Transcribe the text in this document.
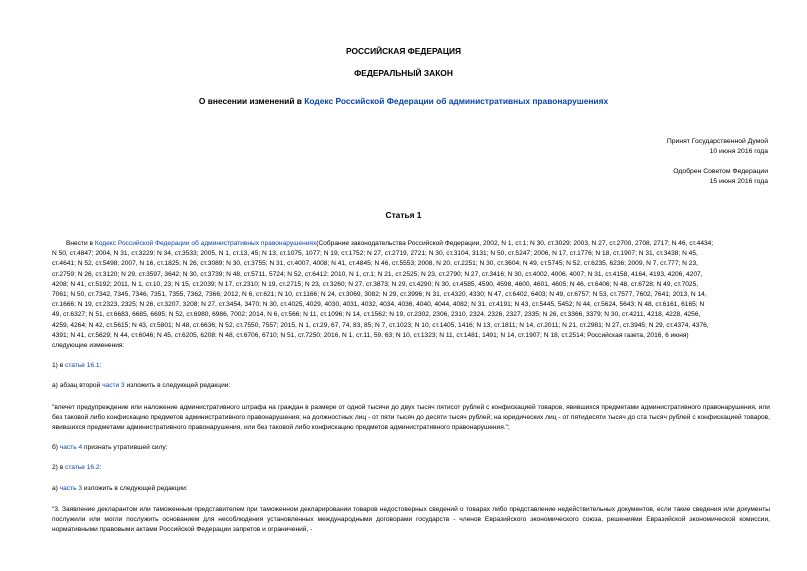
РОССИЙСКАЯ ФЕДЕРАЦИЯ
ФЕДЕРАЛЬНЫЙ ЗАКОН
О внесении изменений в Кодекс Российской Федерации об административных правонарушениях
Принят Государственной Думой
10 июня 2016 года
Одобрен Советом Федерации
15 июня 2016 года
Статья 1
Внести в Кодекс Российской Федерации об административных правонарушениях(Собрание законодательства Российской Федерации, 2002, N 1, ст.1; N 30, ст.3029; 2003, N 27, ст.2700, 2708, 2717; N 46, ст.4434;
N 50, ст.4847; 2004, N 31, ст.3229; N 34, ст.3533; 2005, N 1, ст.13, 45; N 13, ст.1075, 1077; N 19, ст.1752; N 27, ст.2719, 2721; N 30, ст.3104, 3131; N 50, ст.5247; 2006, N 17, ст.1776; N 18, ст.1907; N 31, ст.3438; N 45,
ст.4641; N 52, ст.5498; 2007, N 16, ст.1825; N 26, ст.3089; N 30, ст.3755; N 31, ст.4007, 4008; N 41, ст.4845; N 46, ст.5553; 2008, N 20, ст.2251; N 30, ст.3604; N 49, ст.5745; N 52, ст.6235, 6236; 2009, N 7, ст.777; N 23,
ст.2759; N 26, ст.3120; N 29, ст.3597, 3642; N 30, ст.3739; N 48, ст.5711, 5724; N 52, ст.6412; 2010, N 1, ст.1; N 21, ст.2525; N 23, ст.2790; N 27, ст.3416; N 30, ст.4002, 4006, 4007; N 31, ст.4158, 4164, 4193, 4206, 4207,
4208; N 41, ст.5192; 2011, N 1, ст.10, 23; N 15, ст.2039; N 17, ст.2310; N 19, ст.2715; N 23, ст.3260; N 27, ст.3873; N 29, ст.4290; N 30, ст.4585, 4590, 4598, 4600, 4601, 4605; N 46, ст.6406; N 48, ст.6728; N 49, ст.7025,
7061; N 50, ст.7342, 7345, 7346, 7351, 7355, 7362, 7366; 2012, N 6, ст.621; N 10, ст.1166; N 24, ст.3069, 3082; N 29, ст.3996; N 31, ст.4320, 4330; N 47, ст.6402, 6403; N 49, ст.6757; N 53, ст.7577, 7602, 7641; 2013, N 14,
ст.1666; N 19, ст.2323, 2325; N 26, ст.3207, 3208; N 27, ст.3454, 3470; N 30, ст.4025, 4029, 4030, 4031, 4032, 4034, 4036, 4040, 4044, 4082; N 31, ст.4191; N 43, ст.5445, 5452; N 44, ст.5624, 5643; N 48, ст.6161, 6165; N
49, ст.6327; N 51, ст.6683, 6685, 6695; N 52, ст.6980, 6986, 7002; 2014, N 6, ст.566; N 11, ст.1096; N 14, ст.1562; N 19, ст.2302, 2306, 2310, 2324, 2326, 2327, 2335; N 26, ст.3366, 3379; N 30, ст.4211, 4218, 4228, 4256,
4259, 4264; N 42, ст.5615; N 43, ст.5801; N 48, ст.6636; N 52, ст.7550, 7557; 2015, N 1, ст.29, 67, 74, 83, 85; N 7, ст.1023; N 10, ст.1405, 1416; N 13, ст.1811; N 14, ст.2011; N 21, ст.2981; N 27, ст.3945; N 29, ст.4374, 4376,
4391; N 41, ст.5629; N 44, ст.6046; N 45, ст.6205, 6208; N 48, ст.6706, 6710; N 51, ст.7250; 2016, N 1, ст.11, 59, 63; N 10, ст.1323; N 11, ст.1481, 1491; N 14, ст.1907; N 18, ст.2514; Российская газета, 2016, 6 июня)
следующие изменения:
1) в статье 16.1:
а) абзац второй части 3 изложить в следующей редакции:
"влечет предупреждение или наложение административного штрафа на граждан в размере от одной тысячи до двух тысяч пятисот рублей с конфискацией товаров, явившихся предметами административного правонарушения, или без таковой либо конфискацию предметов административного правонарушения; на должностных лиц - от пяти тысяч до десяти тысяч рублей; на юридических лиц - от пятидесяти тысяч до ста тысяч рублей с конфискацией товаров, явившихся предметами административного правонарушения, или без таковой либо конфискацию предметов административного правонарушения.";
б) часть 4 признать утратившей силу;
2) в статье 16.2:
а) часть 3 изложить в следующей редакции:
"3. Заявление декларантом или таможенным представителем при таможенном декларировании товаров недостоверных сведений о товарах либо представление недействительных документов, если такие сведения или документы послужили или могли послужить основанием для несоблюдения установленных международными договорами государств - членов Евразийского экономического союза, решениями Евразийской экономической комиссии, нормативными правовыми актами Российской Федерации запретов и ограничений, -
